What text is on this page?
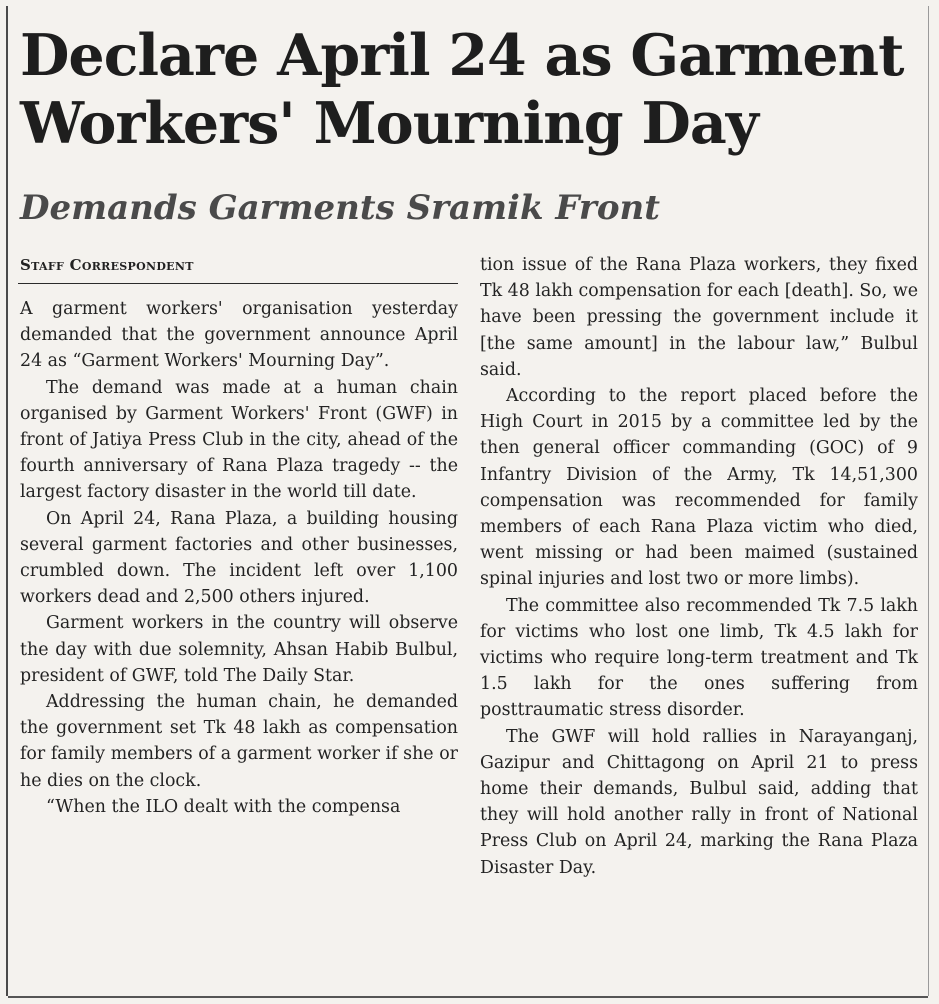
Declare April 24 as Garment Workers' Mourning Day
Demands Garments Sramik Front
Staff Correspondent

A garment workers' organisation yesterday demanded that the government announce April 24 as “Garment Workers' Mourning Day”.

The demand was made at a human chain organised by Garment Workers' Front (GWF) in front of Jatiya Press Club in the city, ahead of the fourth anniversary of Rana Plaza tragedy -- the largest factory disaster in the world till date.

On April 24, Rana Plaza, a building housing several garment factories and other businesses, crumbled down. The incident left over 1,100 workers dead and 2,500 others injured.

Garment workers in the country will observe the day with due solemnity, Ahsan Habib Bulbul, president of GWF, told The Daily Star.

Addressing the human chain, he demanded the government set Tk 48 lakh as compensation for family members of a garment worker if she or he dies on the clock.

“When the ILO dealt with the compensa

tion issue of the Rana Plaza workers, they fixed Tk 48 lakh compensation for each [death]. So, we have been pressing the government include it [the same amount] in the labour law,” Bulbul said.

According to the report placed before the High Court in 2015 by a committee led by the then general officer commanding (GOC) of 9 Infantry Division of the Army, Tk 14,51,300 compensation was recommended for family members of each Rana Plaza victim who died, went missing or had been maimed (sustained spinal injuries and lost two or more limbs).

The committee also recommended Tk 7.5 lakh for victims who lost one limb, Tk 4.5 lakh for victims who require long-term treatment and Tk 1.5 lakh for the ones suffering from posttraumatic stress disorder.

The GWF will hold rallies in Narayanganj, Gazipur and Chittagong on April 21 to press home their demands, Bulbul said, adding that they will hold another rally in front of National Press Club on April 24, marking the Rana Plaza Disaster Day.
